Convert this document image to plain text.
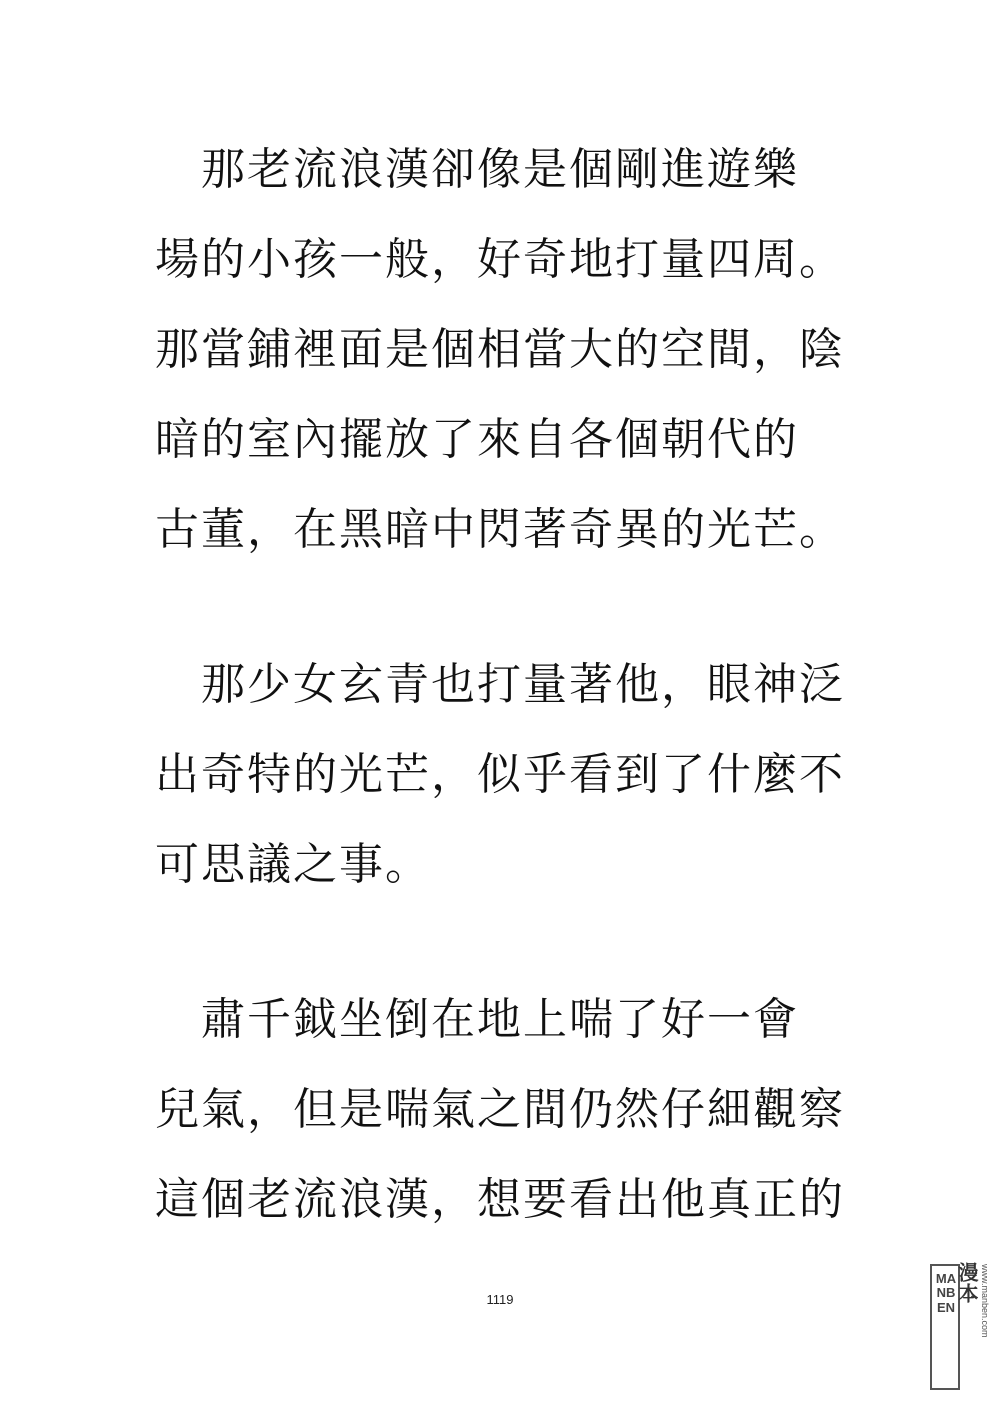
　那老流浪漢卻像是個剛進遊樂
場的小孩一般，好奇地打量四周。
那當鋪裡面是個相當大的空間，陰
暗的室內擺放了來自各個朝代的
古董，在黑暗中閃著奇異的光芒。
　那少女玄青也打量著他，眼神泛
出奇特的光芒，似乎看到了什麼不
可思議之事。
　肅千鉞坐倒在地上喘了好一會
兒氣，但是喘氣之間仍然仔細觀察
這個老流浪漢，想要看出他真正的
1119
MANBEN
漫本 www.manben.com
